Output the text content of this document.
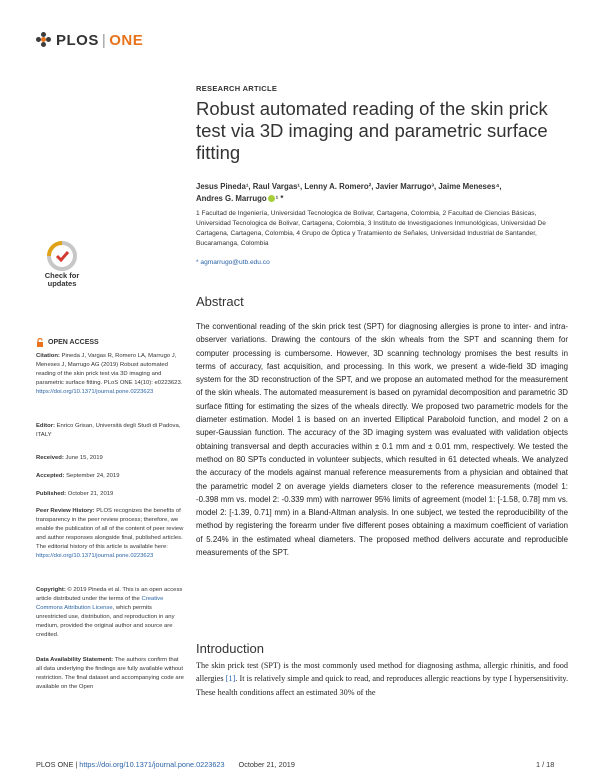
PLOS | ONE
RESEARCH ARTICLE
Robust automated reading of the skin prick test via 3D imaging and parametric surface fitting
Jesus Pineda¹, Raul Vargas¹, Lenny A. Romero², Javier Marrugo³, Jaime Meneses⁴,
Andres G. Marrugo ¹ *
1 Facultad de Ingeniería, Universidad Tecnologica de Bolivar, Cartagena, Colombia, 2 Facultad de Ciencias Básicas, Universidad Tecnologica de Bolivar, Cartagena, Colombia, 3 Instituto de Investigaciones Inmunológicas, Universidad De Cartagena, Cartagena, Colombia, 4 Grupo de Óptica y Tratamiento de Señales, Universidad Industrial de Santander, Bucaramanga, Colombia
* agmarrugo@utb.edu.co
Check for
updates
OPEN ACCESS
Citation: Pineda J, Vargas R, Romero LA, Marrugo J, Meneses J, Marrugo AG (2019) Robust automated reading of the skin prick test via 3D imaging and parametric surface fitting. PLoS ONE 14(10): e0223623. https://doi.org/10.1371/journal.pone.0223623
Editor: Enrico Grisan, Università degli Studi di Padova, ITALY
Received: June 15, 2019
Accepted: September 24, 2019
Published: October 21, 2019
Peer Review History: PLOS recognizes the benefits of transparency in the peer review process; therefore, we enable the publication of all of the content of peer review and author responses alongside final, published articles. The editorial history of this article is available here: https://doi.org/10.1371/journal.pone.0223623
Copyright: © 2019 Pineda et al. This is an open access article distributed under the terms of the Creative Commons Attribution License, which permits unrestricted use, distribution, and reproduction in any medium, provided the original author and source are credited.
Data Availability Statement: The authors confirm that all data underlying the findings are fully available without restriction. The final dataset and accompanying code are available on the Open
Abstract
The conventional reading of the skin prick test (SPT) for diagnosing allergies is prone to inter- and intra-observer variations. Drawing the contours of the skin wheals from the SPT and scanning them for computer processing is cumbersome. However, 3D scanning technology promises the best results in terms of accuracy, fast acquisition, and processing. In this work, we present a wide-field 3D imaging system for the 3D reconstruction of the SPT, and we propose an automated method for the measurement of the skin wheals. The automated measurement is based on pyramidal decomposition and parametric 3D surface fitting for estimating the sizes of the wheals directly. We proposed two parametric models for the diameter estimation. Model 1 is based on an inverted Elliptical Paraboloid function, and model 2 on a super-Gaussian function. The accuracy of the 3D imaging system was evaluated with validation objects obtaining transversal and depth accuracies within ± 0.1 mm and ± 0.01 mm, respectively. We tested the method on 80 SPTs conducted in volunteer subjects, which resulted in 61 detected wheals. We analyzed the accuracy of the models against manual reference measurements from a physician and obtained that the parametric model 2 on average yields diameters closer to the reference measurements (model 1: -0.398 mm vs. model 2: -0.339 mm) with narrower 95% limits of agreement (model 1: [-1.58, 0.78] mm vs. model 2: [-1.39, 0.71] mm) in a Bland-Altman analysis. In one subject, we tested the reproducibility of the method by registering the forearm under five different poses obtaining a maximum coefficient of variation of 5.24% in the estimated wheal diameters. The proposed method delivers accurate and reproducible measurements of the SPT.
Introduction
The skin prick test (SPT) is the most commonly used method for diagnosing asthma, allergic rhinitis, and food allergies [1]. It is relatively simple and quick to read, and reproduces allergic reactions by type I hypersensitivity. These health conditions affect an estimated 30% of the
PLOS ONE | https://doi.org/10.1371/journal.pone.0223623 October 21, 2019	1 / 18
